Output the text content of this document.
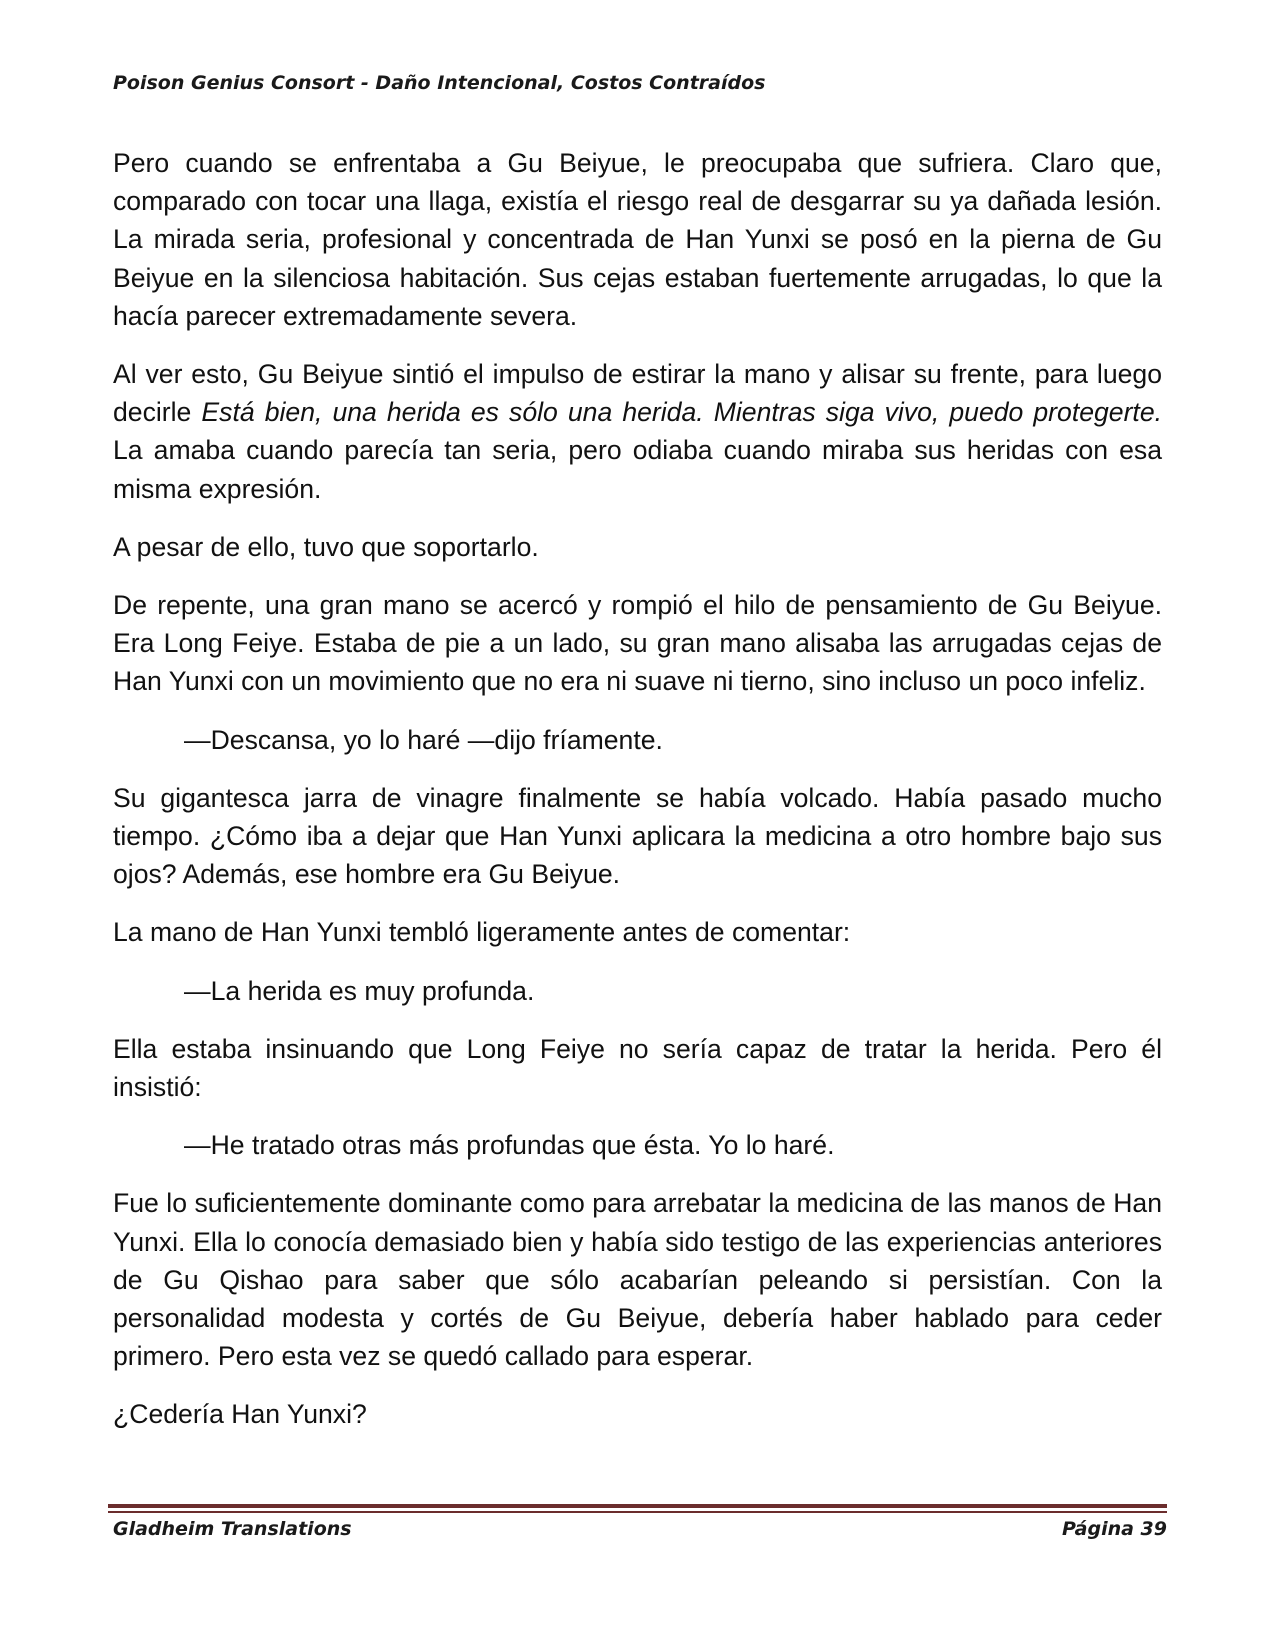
Poison Genius Consort - Daño Intencional, Costos Contraídos

Pero cuando se enfrentaba a Gu Beiyue, le preocupaba que sufriera. Claro que, comparado con tocar una llaga, existía el riesgo real de desgarrar su ya dañada lesión. La mirada seria, profesional y concentrada de Han Yunxi se posó en la pierna de Gu Beiyue en la silenciosa habitación. Sus cejas estaban fuertemente arrugadas, lo que la hacía parecer extremadamente severa.

Al ver esto, Gu Beiyue sintió el impulso de estirar la mano y alisar su frente, para luego decirle Está bien, una herida es sólo una herida. Mientras siga vivo, puedo protegerte. La amaba cuando parecía tan seria, pero odiaba cuando miraba sus heridas con esa misma expresión.

A pesar de ello, tuvo que soportarlo.

De repente, una gran mano se acercó y rompió el hilo de pensamiento de Gu Beiyue. Era Long Feiye. Estaba de pie a un lado, su gran mano alisaba las arrugadas cejas de Han Yunxi con un movimiento que no era ni suave ni tierno, sino incluso un poco infeliz.

—Descansa, yo lo haré —dijo fríamente.

Su gigantesca jarra de vinagre finalmente se había volcado. Había pasado mucho tiempo. ¿Cómo iba a dejar que Han Yunxi aplicara la medicina a otro hombre bajo sus ojos? Además, ese hombre era Gu Beiyue.

La mano de Han Yunxi tembló ligeramente antes de comentar:

—La herida es muy profunda.

Ella estaba insinuando que Long Feiye no sería capaz de tratar la herida. Pero él insistió:

—He tratado otras más profundas que ésta. Yo lo haré.

Fue lo suficientemente dominante como para arrebatar la medicina de las manos de Han Yunxi. Ella lo conocía demasiado bien y había sido testigo de las experiencias anteriores de Gu Qishao para saber que sólo acabarían peleando si persistían. Con la personalidad modesta y cortés de Gu Beiyue, debería haber hablado para ceder primero. Pero esta vez se quedó callado para esperar.

¿Cedería Han Yunxi?

Gladheim Translations	Página 39
